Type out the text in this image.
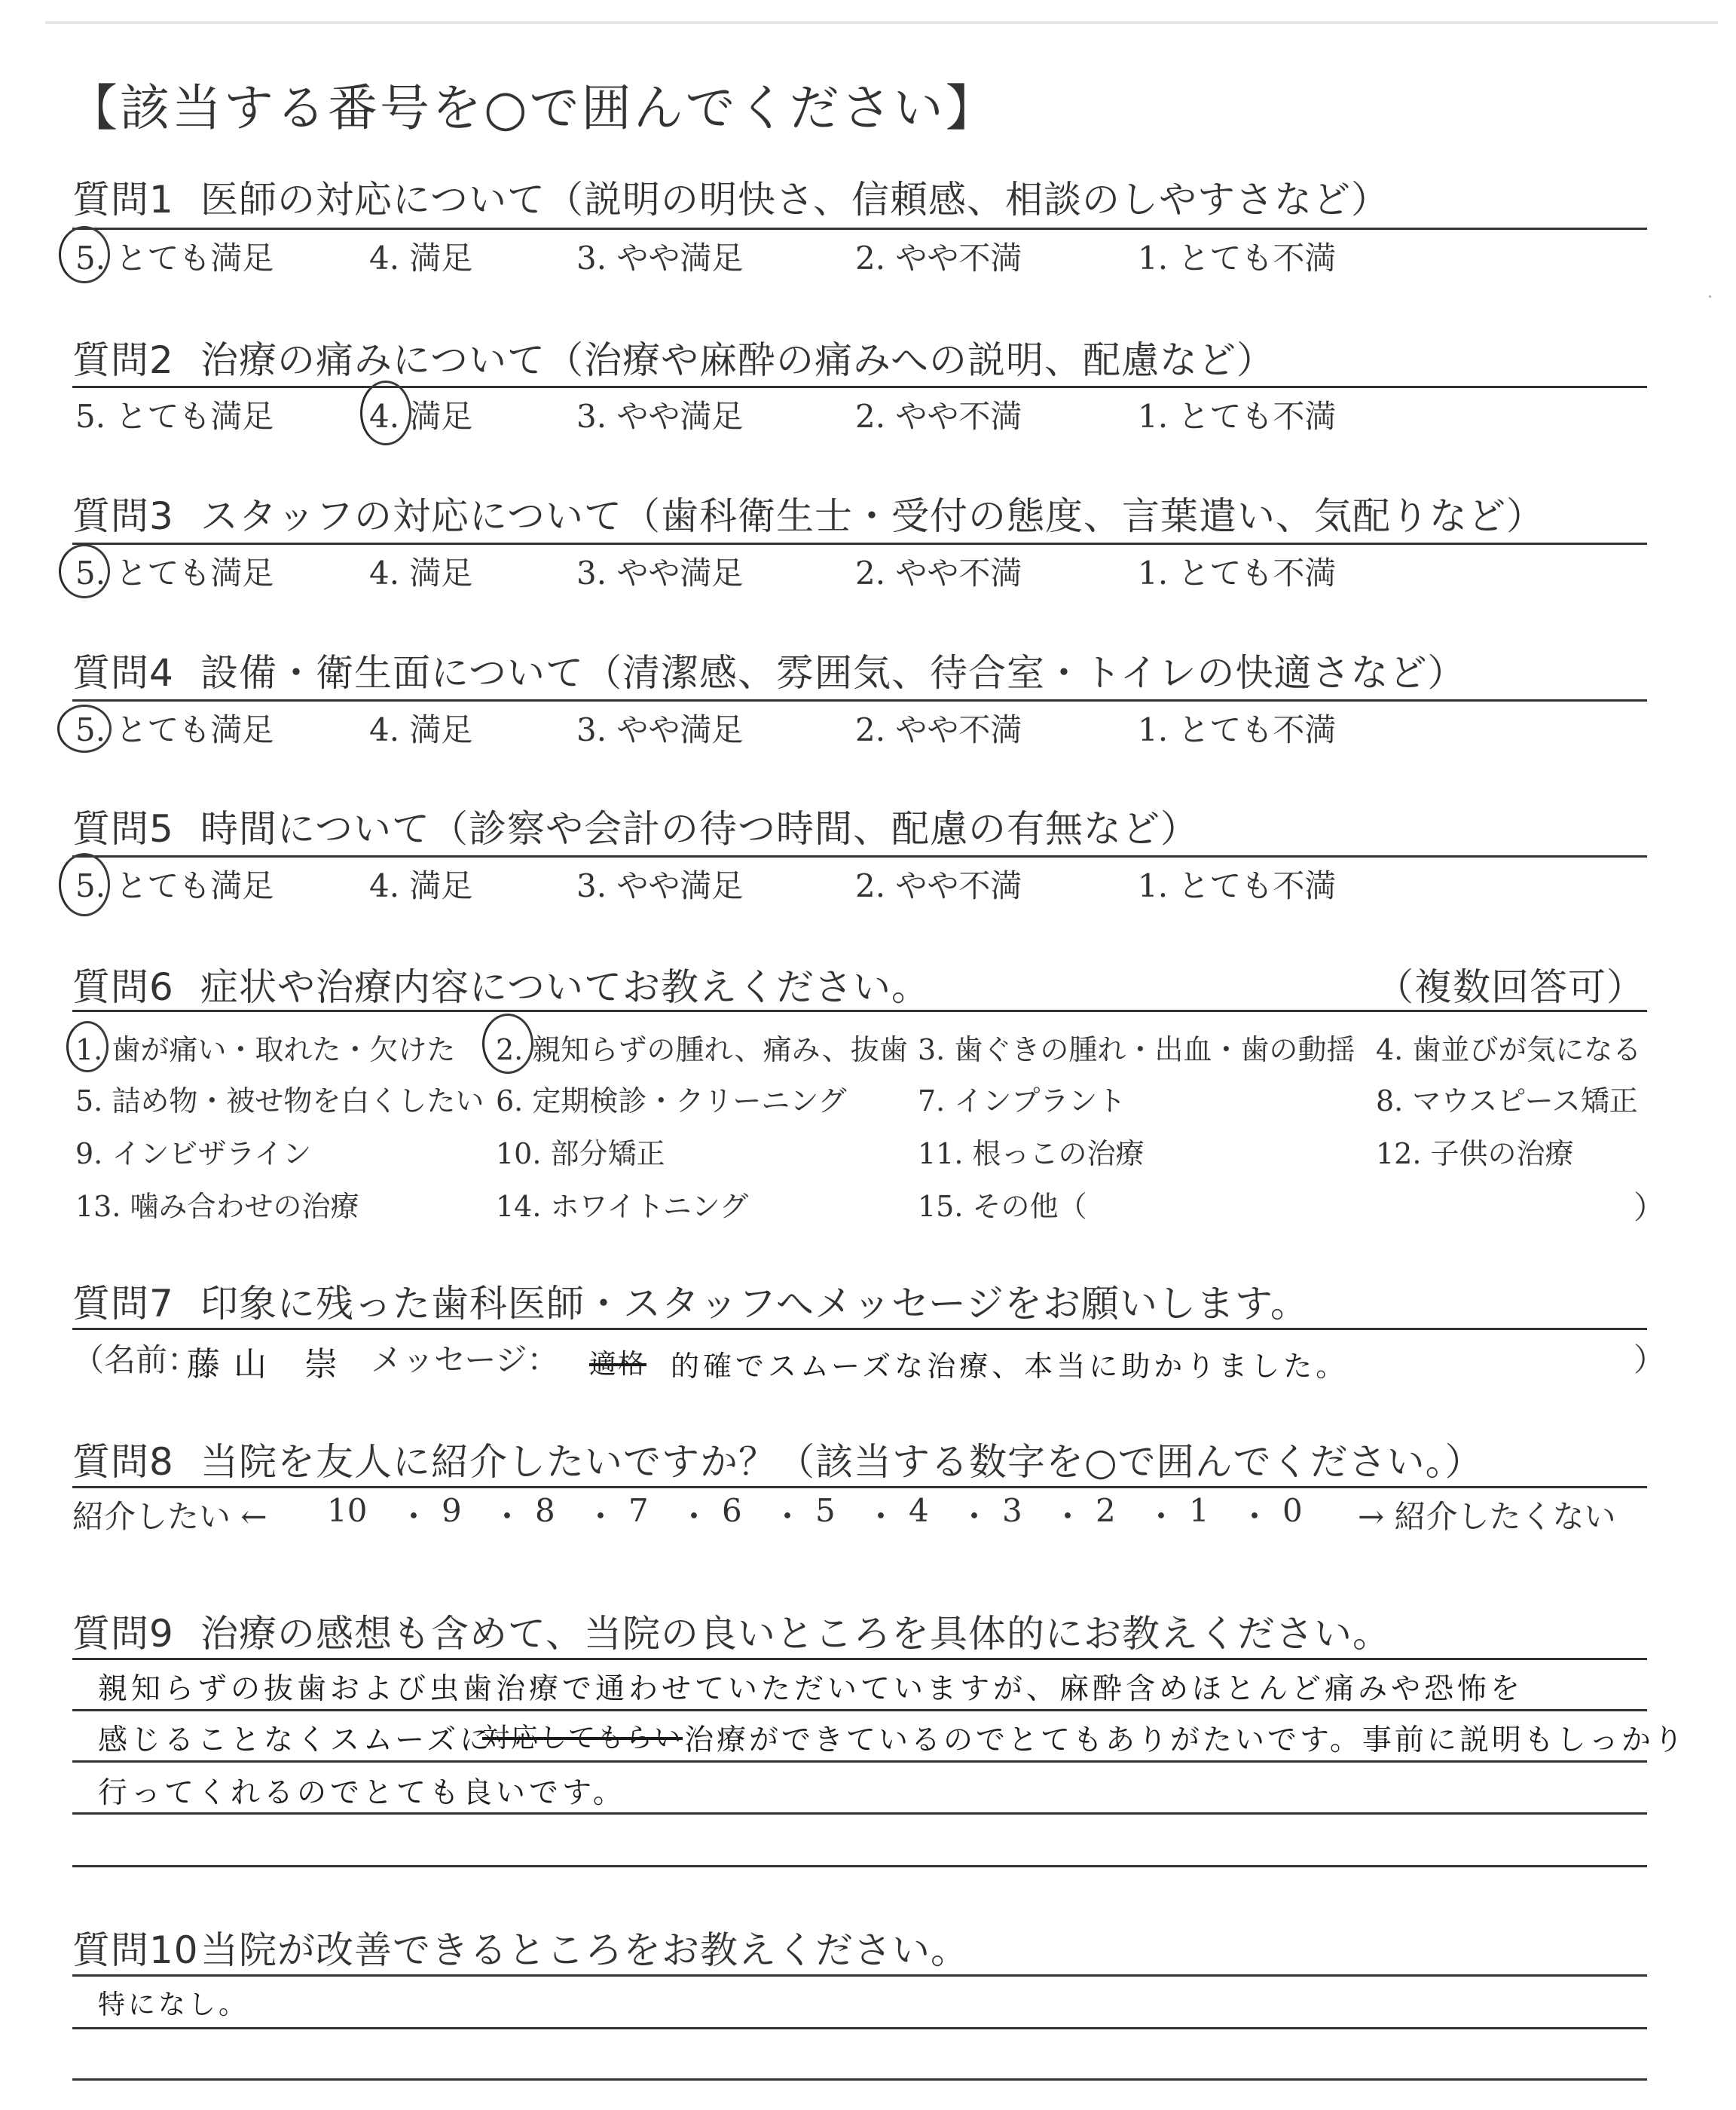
【該当する番号を○で囲んでください】
質問1 医師の対応について（説明の明快さ、信頼感、相談のしやすさなど）
5. とても満足	4. 満足	3. やや満足	2. やや不満	1. とても不満
質問2 治療の痛みについて（治療や麻酔の痛みへの説明、配慮など）
5. とても満足	4. 満足	3. やや満足	2. やや不満	1. とても不満
質問3 スタッフの対応について（歯科衛生士・受付の態度、言葉遣い、気配りなど）
5. とても満足	4. 満足	3. やや満足	2. やや不満	1. とても不満
質問4 設備・衛生面について（清潔感、雰囲気、待合室・トイレの快適さなど）
5. とても満足	4. 満足	3. やや満足	2. やや不満	1. とても不満
質問5 時間について（診察や会計の待つ時間、配慮の有無など）
5. とても満足	4. 満足	3. やや満足	2. やや不満	1. とても不満
質問6 症状や治療内容についてお教えください。	（複数回答可）
1. 歯が痛い・取れた・欠けた 2. 親知らずの腫れ、痛み、抜歯 3. 歯ぐきの腫れ・出血・歯の動揺 4. 歯並びが気になる
5. 詰め物・被せ物を白くしたい 6. 定期検診・クリーニング 7. インプラント	8. マウスピース矯正
9. インビザライン	10. 部分矯正	11. 根っこの治療	12. 子供の治療
13. 噛み合わせの治療	14. ホワイトニング	15. その他（	）
質問7 印象に残った歯科医師・スタッフへメッセージをお願いします。
（名前：
藤山 崇 メッセージ： 適格 的確でスムーズな治療、本当に助かりました。	）
質問8 当院を友人に紹介したいですか？（該当する数字を○で囲んでください。）
紹介したい ← 10 ・ 9 ・ 8 ・ 7 ・ 6 ・ 5 ・ 4 ・ 3 ・ 2 ・ 1 ・ 0 → 紹介したくない
質問9 治療の感想も含めて、当院の良いところを具体的にお教えください。
親知らずの抜歯および虫歯治療で通わせていただいていますが、麻酔含めほとんど痛みや恐怖を
感じることなくスムーズに
対応してもらい 治療ができているのでとてもありがたいです。事前に説明もしっかり
行ってくれるのでとても良いです。
質問10当院が改善できるところをお教えください。
特になし。
